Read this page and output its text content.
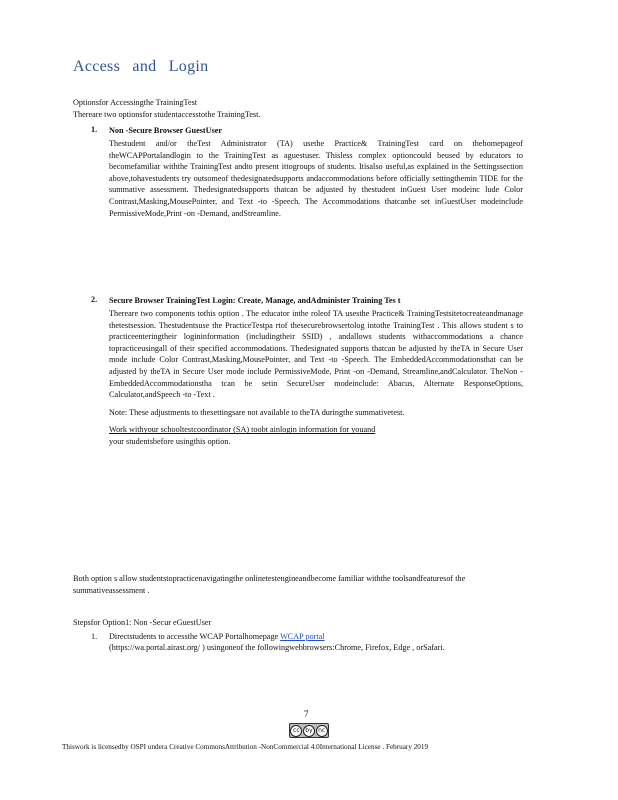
Access and Login

Optionsfor Accessingthe TrainingTest

Thereare two optionsfor studentaccesstothe TrainingTest.

1. Non -Secure Browser GuestUser
Thestudent and/or theTest Administrator (TA) usethe Practice& TrainingTest card on thehomepageof theWCAPPortalandlogin to the TrainingTest as aguestuser. Thisless complex optioncould beused by educators to becomefamiliar withthe TrainingTest andto present ittogroups of students. Itisalso useful,as explained in the Settingssection above,tohavestudents try outsomeof thedesignatedsupports andaccommodations before officially settingthemin TIDE for the summative assessment. Thedesignatedsupports thatcan be adjusted by thestudent inGuest User modeinc lude Color Contrast,Masking,MousePointer, and Text -to -Speech. The Accommodations thatcanbe set inGuestUser modeinclude PermissiveMode,Print -on -Demand, andStreamline.
2. Secure Browser TrainingTest Login: Create, Manage, andAdminister Training Tes t
Thereare two components tothis option . The educator inthe roleof TA usesthe Practice& TrainingTestsitetocreateandmanage thetestsession. Thestudentsuse the PracticeTestpa rtof thesecurebrowsertolog intothe TrainingTest . This allows student s to practiceenteringtheir logininformation (includingtheir SSID) , andallows students withaccommodations a chance topracticeusingall of their specified accommodations. Thedesignated supports thatcan be adjusted by theTA in Secure User mode include Color Contrast,Masking,MousePointer, and Text -to -Speech. The EmbeddedAccommodationsthat can be adjusted by theTA in Secure User mode include PermissiveMode, Print -on -Demand, Streamline,andCalculator. TheNon -EmbeddedAccommodationstha tcan be setin SecureUser modeinclude: Abacus, Alternate ResponseOptions, Calculator,andSpeech -to -Text .
Note: These adjustments to thesettingsare not available to theTA duringthe summativetest.
Work withyour schooltestcoordinator (SA) toobt ainlogin information for youand
your studentsbefore usingthis option.
Both option s allow studentstopracticenavigatingthe onlinetestengineandbecome familiar withthe toolsandfeaturesof the summativeassessment .
Stepsfor Option1: Non -Secur eGuestUser
1. Directstudents to accessthe WCAP Portalhomepage WCAP portal
(https://wa.portal.airast.org/ ) usingoneof the followingwebbrowsers:Chrome, Firefox, Edge , orSafari.
7
cc by nc
Thiswork is licensedby OSPI undera Creative CommonsAttribution -NonCommercial 4.0International License . February 2019
